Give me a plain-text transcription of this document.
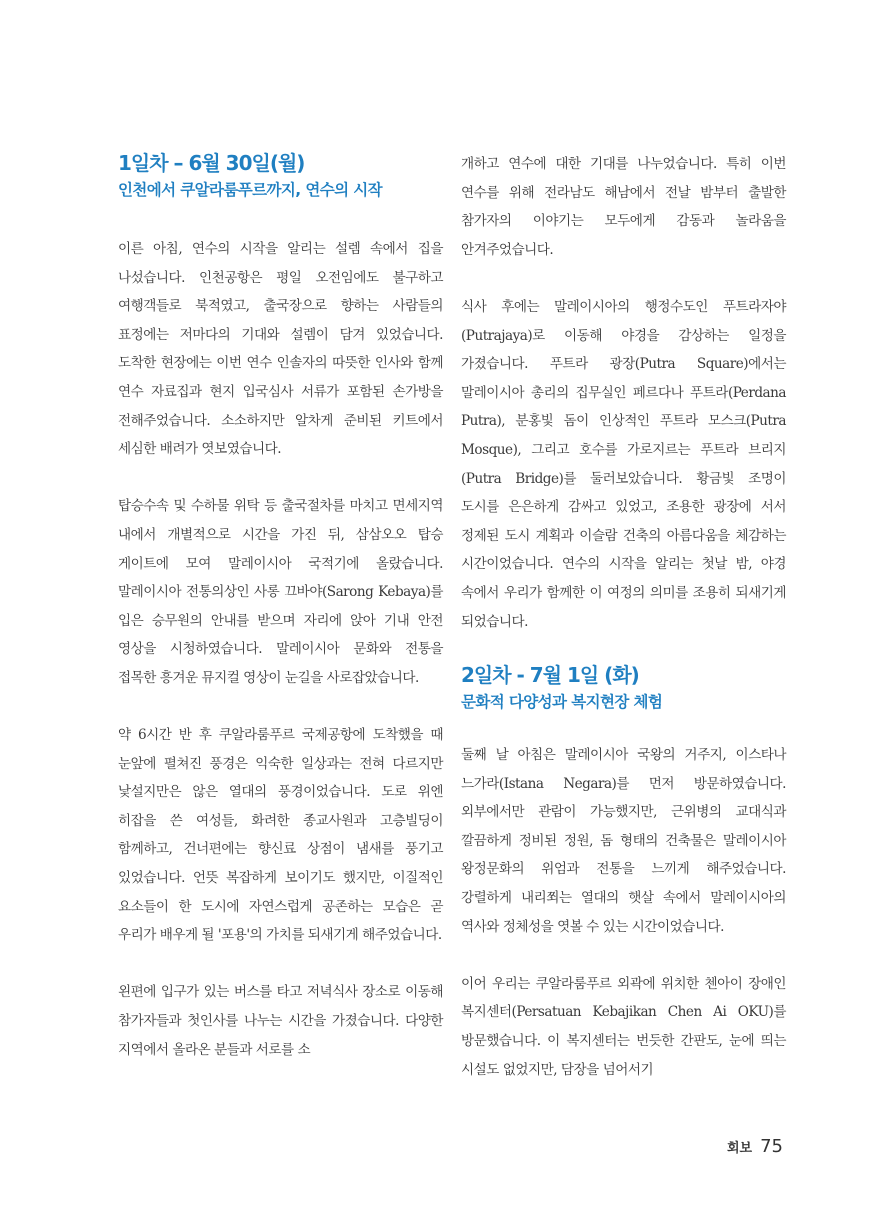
1일차 – 6월 30일(월)
인천에서 쿠알라룸푸르까지, 연수의 시작

이른 아침, 연수의 시작을 알리는 설렘 속에서 집을 나섰습니다. 인천공항은 평일 오전임에도 불구하고 여행객들로 북적였고, 출국장으로 향하는 사람들의 표정에는 저마다의 기대와 설렘이 담겨 있었습니다. 도착한 현장에는 이번 연수 인솔자의 따뜻한 인사와 함께 연수 자료집과 현지 입국심사 서류가 포함된 손가방을 전해주었습니다. 소소하지만 알차게 준비된 키트에서 세심한 배려가 엿보였습니다.

탑승수속 및 수하물 위탁 등 출국절차를 마치고 면세지역 내에서 개별적으로 시간을 가진 뒤, 삼삼오오 탑승 게이트에 모여 말레이시아 국적기에 올랐습니다. 말레이시아 전통의상인 사롱 끄바야(Sarong Kebaya)를 입은 승무원의 안내를 받으며 자리에 앉아 기내 안전 영상을 시청하였습니다. 말레이시아 문화와 전통을 접목한 흥겨운 뮤지컬 영상이 눈길을 사로잡았습니다.

약 6시간 반 후 쿠알라룸푸르 국제공항에 도착했을 때 눈앞에 펼쳐진 풍경은 익숙한 일상과는 전혀 다르지만 낯설지만은 않은 열대의 풍경이었습니다. 도로 위엔 히잡을 쓴 여성들, 화려한 종교사원과 고층빌딩이 함께하고, 건너편에는 향신료 상점이 냄새를 풍기고 있었습니다. 언뜻 복잡하게 보이기도 했지만, 이질적인 요소들이 한 도시에 자연스럽게 공존하는 모습은 곧 우리가 배우게 될 '포용'의 가치를 되새기게 해주었습니다.

왼편에 입구가 있는 버스를 타고 저녁식사 장소로 이동해 참가자들과 첫인사를 나누는 시간을 가졌습니다. 다양한 지역에서 올라온 분들과 서로를 소

개하고 연수에 대한 기대를 나누었습니다. 특히 이번 연수를 위해 전라남도 해남에서 전날 밤부터 출발한 참가자의 이야기는 모두에게 감동과 놀라움을 안겨주었습니다.

식사 후에는 말레이시아의 행정수도인 푸트라자야(Putrajaya)로 이동해 야경을 감상하는 일정을 가졌습니다. 푸트라 광장(Putra Square)에서는 말레이시아 총리의 집무실인 페르다나 푸트라(Perdana Putra), 분홍빛 돔이 인상적인 푸트라 모스크(Putra Mosque), 그리고 호수를 가로지르는 푸트라 브리지(Putra Bridge)를 둘러보았습니다. 황금빛 조명이 도시를 은은하게 감싸고 있었고, 조용한 광장에 서서 정제된 도시 계획과 이슬람 건축의 아름다움을 체감하는 시간이었습니다. 연수의 시작을 알리는 첫날 밤, 야경 속에서 우리가 함께한 이 여정의 의미를 조용히 되새기게 되었습니다.

2일차 - 7월 1일 (화)
문화적 다양성과 복지현장 체험

둘째 날 아침은 말레이시아 국왕의 거주지, 이스타나 느가라(Istana Negara)를 먼저 방문하였습니다. 외부에서만 관람이 가능했지만, 근위병의 교대식과 깔끔하게 정비된 정원, 돔 형태의 건축물은 말레이시아 왕정문화의 위엄과 전통을 느끼게 해주었습니다. 강렬하게 내리쬐는 열대의 햇살 속에서 말레이시아의 역사와 정체성을 엿볼 수 있는 시간이었습니다.

이어 우리는 쿠알라룸푸르 외곽에 위치한 첸아이 장애인 복지센터(Persatuan Kebajikan Chen Ai OKU)를 방문했습니다. 이 복지센터는 번듯한 간판도, 눈에 띄는 시설도 없었지만, 담장을 넘어서기

회보 75
